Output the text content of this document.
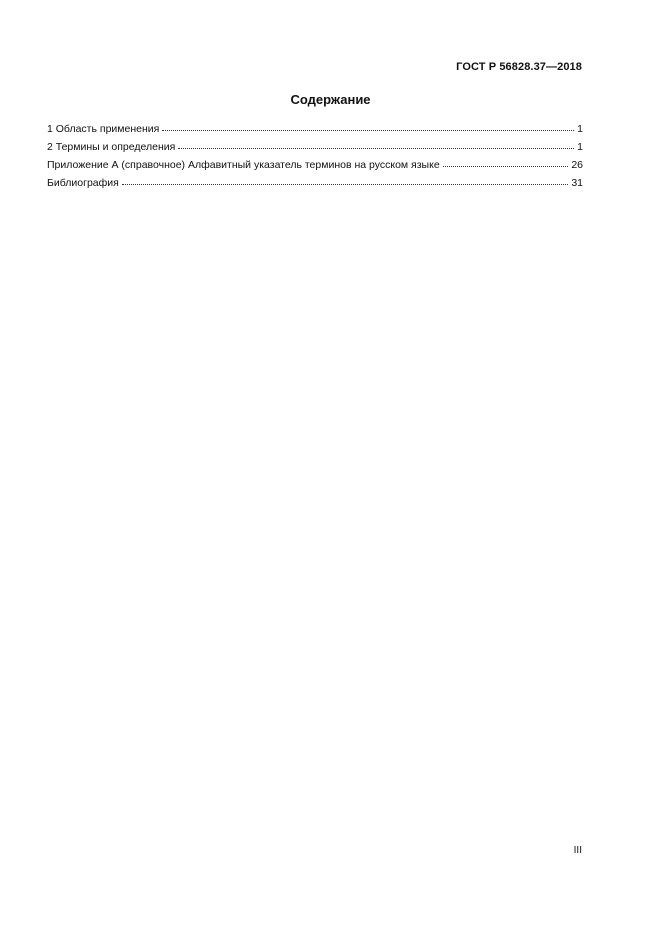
ГОСТ Р 56828.37—2018
Содержание
1 Область применения	1
2 Термины и определения	1
Приложение А (справочное) Алфавитный указатель терминов на русском языке	26
Библиография	31
III
